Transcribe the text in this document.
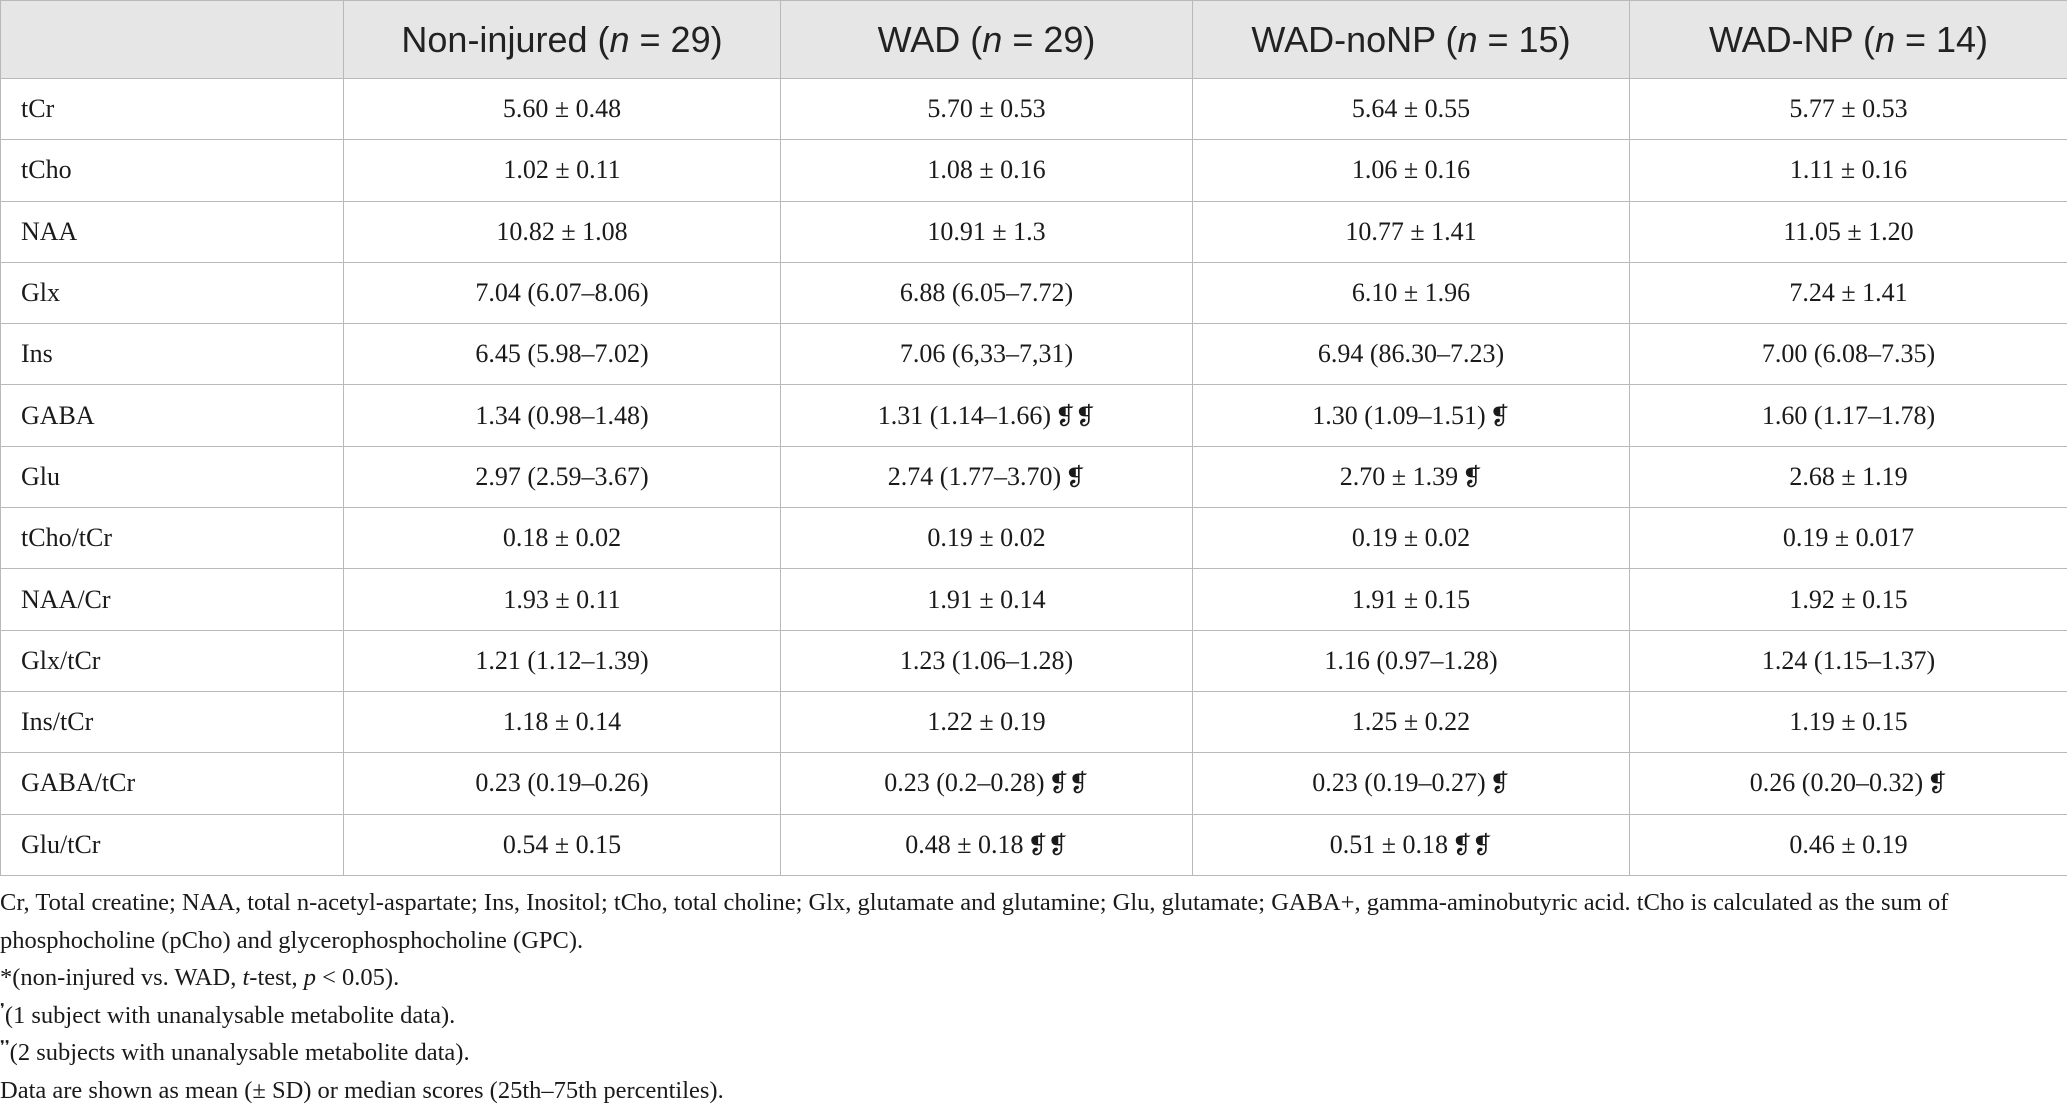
	Non-injured (n = 29)	WAD (n = 29)	WAD-noNP (n = 15)	WAD-NP (n = 14)
tCr	5.60 ± 0.48	5.70 ± 0.53	5.64 ± 0.55	5.77 ± 0.53
tCho	1.02 ± 0.11	1.08 ± 0.16	1.06 ± 0.16	1.11 ± 0.16
NAA	10.82 ± 1.08	10.91 ± 1.3	10.77 ± 1.41	11.05 ± 1.20
Glx	7.04 (6.07–8.06)	6.88 (6.05–7.72)	6.10 ± 1.96	7.24 ± 1.41
Ins	6.45 (5.98–7.02)	7.06 (6,33–7,31)	6.94 (86.30–7.23)	7.00 (6.08–7.35)
GABA	1.34 (0.98–1.48)	1.31 (1.14–1.66) ❡❡	1.30 (1.09–1.51) ❡	1.60 (1.17–1.78)
Glu	2.97 (2.59–3.67)	2.74 (1.77–3.70) ❡	2.70 ± 1.39 ❡	2.68 ± 1.19
tCho/tCr	0.18 ± 0.02	0.19 ± 0.02	0.19 ± 0.02	0.19 ± 0.017
NAA/Cr	1.93 ± 0.11	1.91 ± 0.14	1.91 ± 0.15	1.92 ± 0.15
Glx/tCr	1.21 (1.12–1.39)	1.23 (1.06–1.28)	1.16 (0.97–1.28)	1.24 (1.15–1.37)
Ins/tCr	1.18 ± 0.14	1.22 ± 0.19	1.25 ± 0.22	1.19 ± 0.15
GABA/tCr	0.23 (0.19–0.26)	0.23 (0.2–0.28) ❡❡	0.23 (0.19–0.27) ❡	0.26 (0.20–0.32) ❡
Glu/tCr	0.54 ± 0.15	0.48 ± 0.18 ❡❡	0.51 ± 0.18 ❡❡	0.46 ± 0.19

Cr, Total creatine; NAA, total n-acetyl-aspartate; Ins, Inositol; tCho, total choline; Glx, glutamate and glutamine; Glu, glutamate; GABA+, gamma-aminobutyric acid. tCho is calculated as the sum of phosphocholine (pCho) and glycerophosphocholine (GPC).

*(non-injured vs. WAD, t-test, p < 0.05).

❜(1 subject with unanalysable metabolite data).

❜❜(2 subjects with unanalysable metabolite data).

Data are shown as mean (± SD) or median scores (25th–75th percentiles).
